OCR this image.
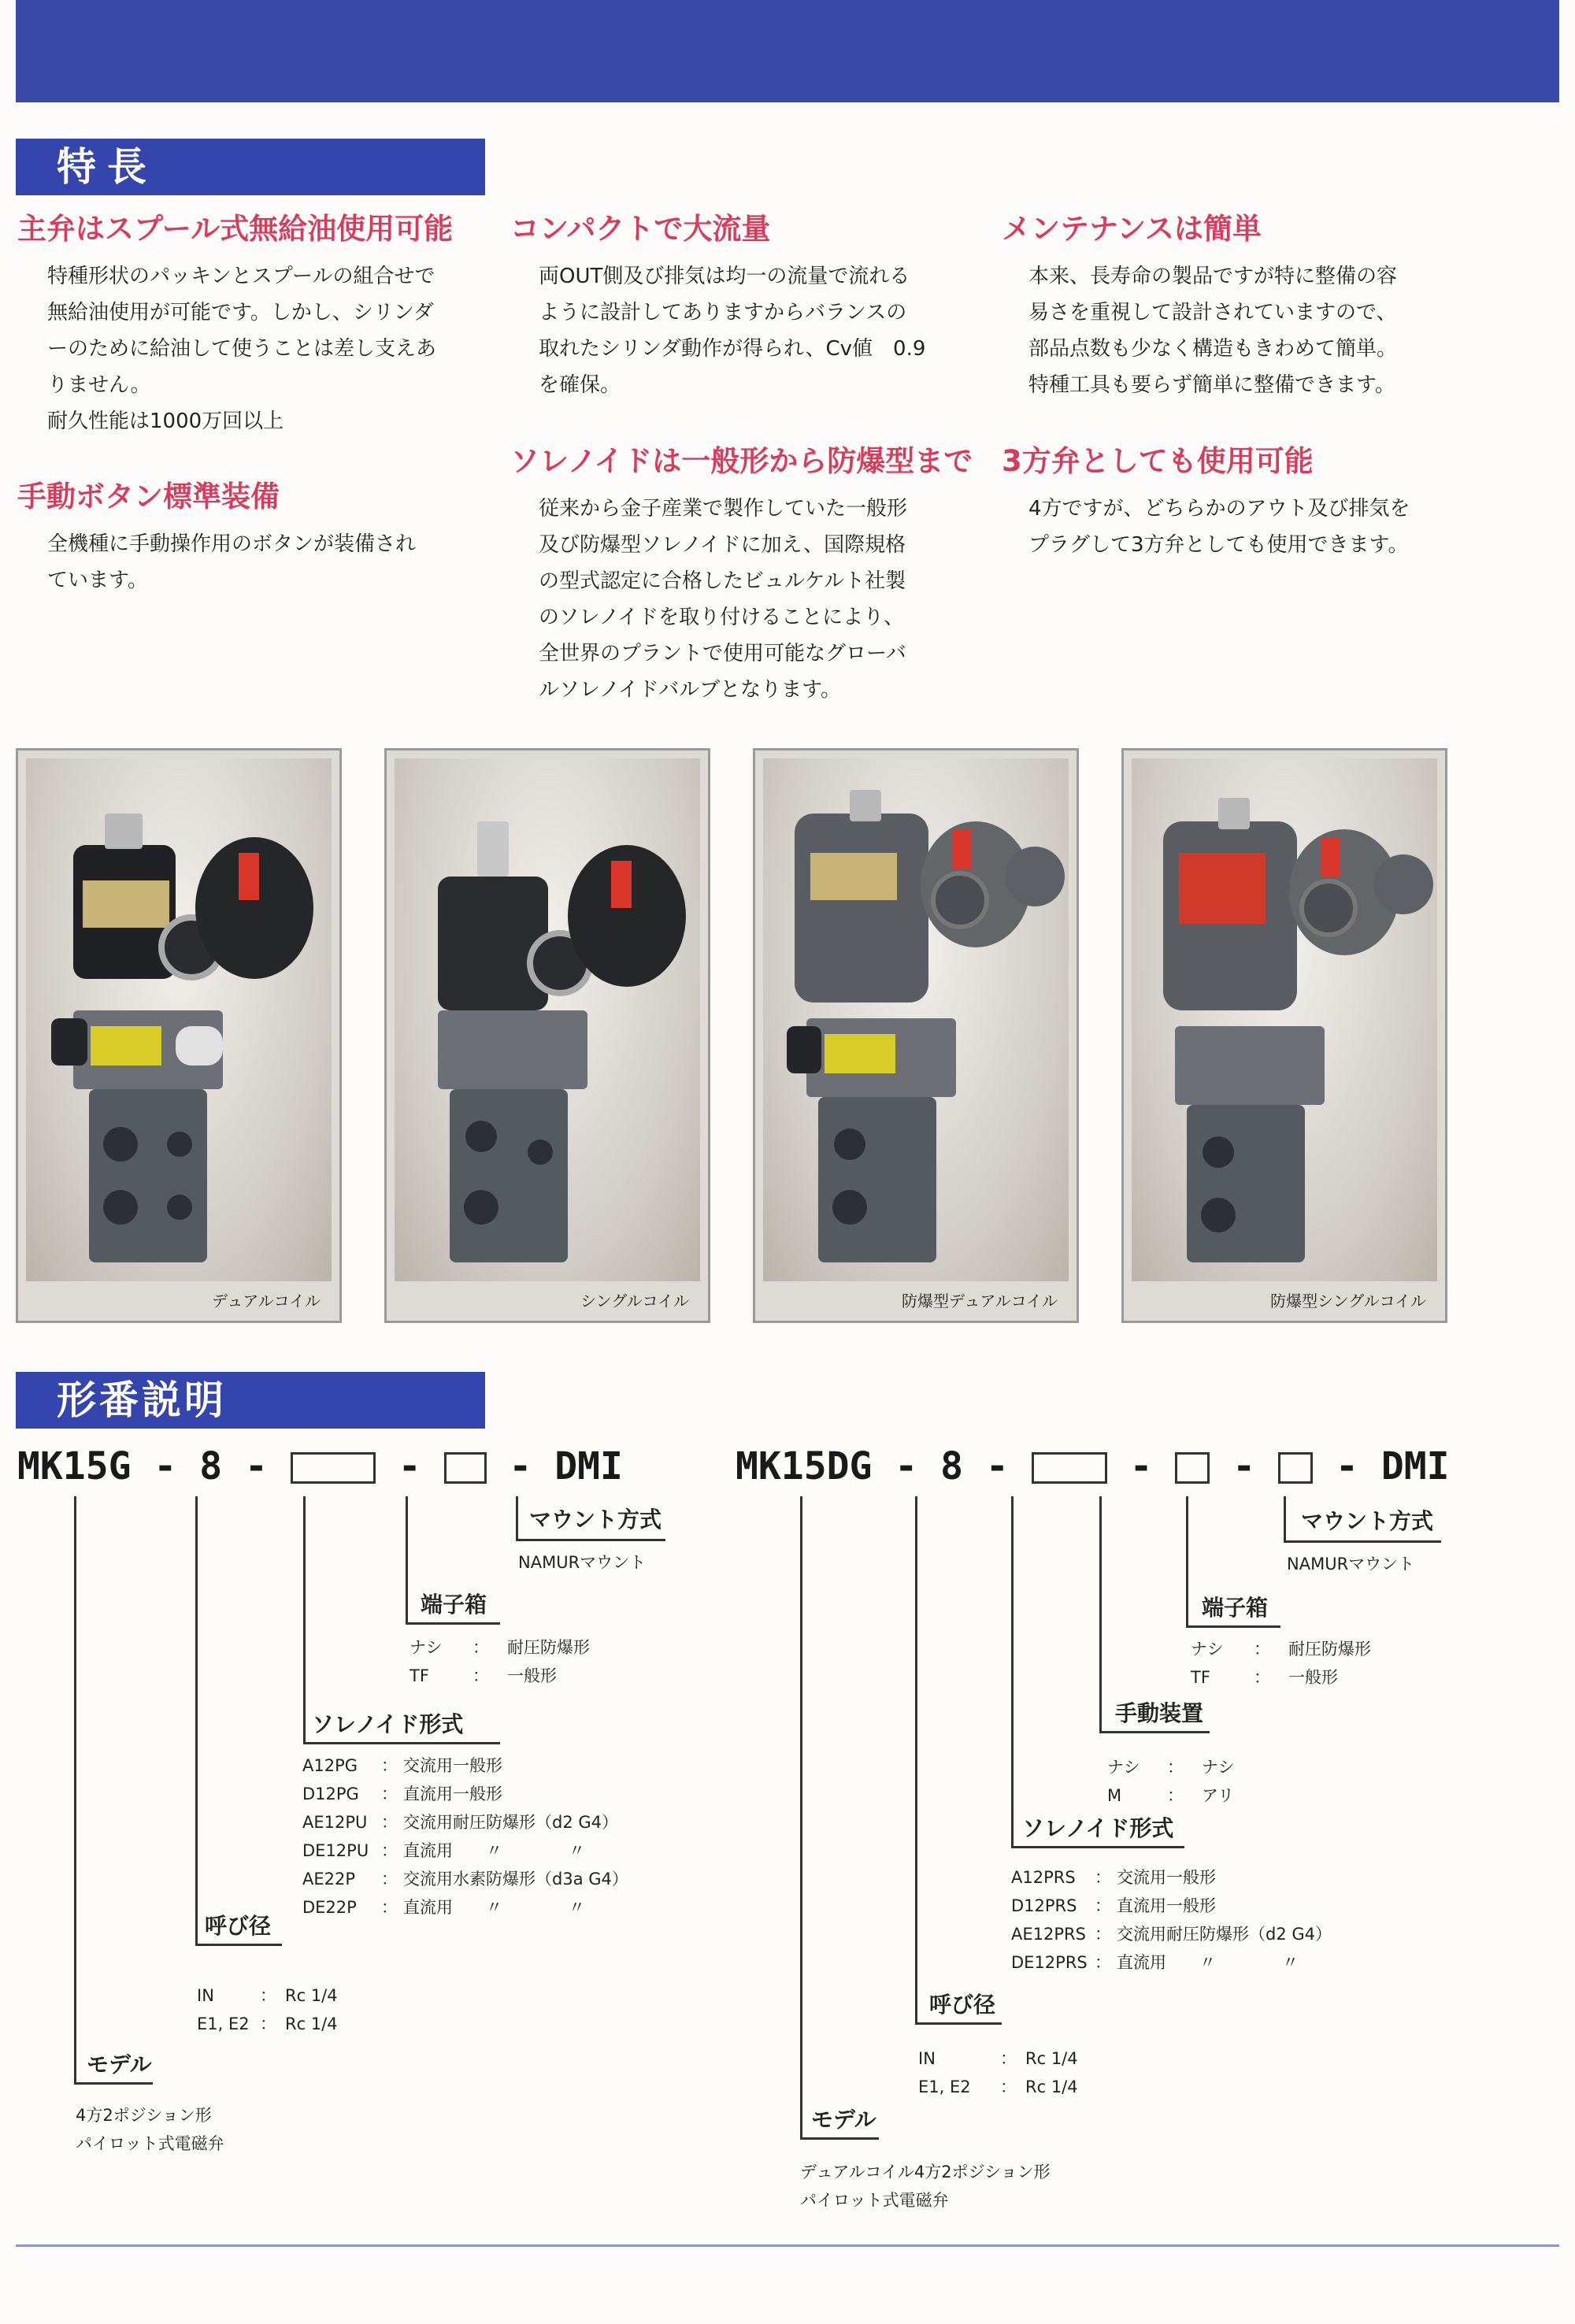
特長
主弁はスプール式無給油使用可能

特種形状のパッキンとスプールの組合せで

無給油使用が可能です。しかし、シリンダ

ーのために給油して使うことは差し支えあ

りません。

耐久性能は1000万回以上

手動ボタン標準装備

全機種に手動操作用のボタンが装備され

ています。

コンパクトで大流量

両OUT側及び排気は均一の流量で流れる

ように設計してありますからバランスの

取れたシリンダ動作が得られ、Cv値　0.9

を確保。

ソレノイドは一般形から防爆型まで

従来から金子産業で製作していた一般形

及び防爆型ソレノイドに加え、国際規格

の型式認定に合格したビュルケルト社製

のソレノイドを取り付けることにより、

全世界のプラントで使用可能なグローバ

ルソレノイドバルブとなります。

メンテナンスは簡単

本来、長寿命の製品ですが特に整備の容

易さを重視して設計されていますので、

部品点数も少なく構造もきわめて簡単。

特種工具も要らず簡単に整備できます。

3方弁としても使用可能

4方ですが、どちらかのアウト及び排気を

プラグして3方弁としても使用できます。

デュアルコイル	シングルコイル	防爆型デュアルコイル	防爆型シングルコイル
形番説明
MK15G - 8 -  -  - DMI
マウント方式
NAMURマウント
端子箱
ナシ ： 耐圧防爆形
TF	： 一般形
ソレノイド形式
A12PG ： 交流用一般形
D12PG ： 直流用一般形
AE12PU ： 交流用耐圧防爆形（d2 G4）
DE12PU ： 直流用　　〃　　　　〃
AE22P ： 交流用水素防爆形（d3a G4）
DE22P ： 直流用　　〃　　　　〃
呼び径
IN	： Rc 1/4
E1, E2 ： Rc 1/4
モデル
4方2ポジション形
パイロット式電磁弁
MK15DG - 8 -  -  -  - DMI
マウント方式
NAMURマウント
端子箱
ナシ ： 耐圧防爆形
TF	： 一般形
手動装置
ナシ ： ナシ
M	： アリ
ソレノイド形式
A12PRS ： 交流用一般形
D12PRS ： 直流用一般形
AE12PRS ： 交流用耐圧防爆形（d2 G4）
DE12PRS ： 直流用　　〃　　　　〃
呼び径
IN	： Rc 1/4
E1, E2 ： Rc 1/4
モデル
デュアルコイル4方2ポジション形
パイロット式電磁弁
